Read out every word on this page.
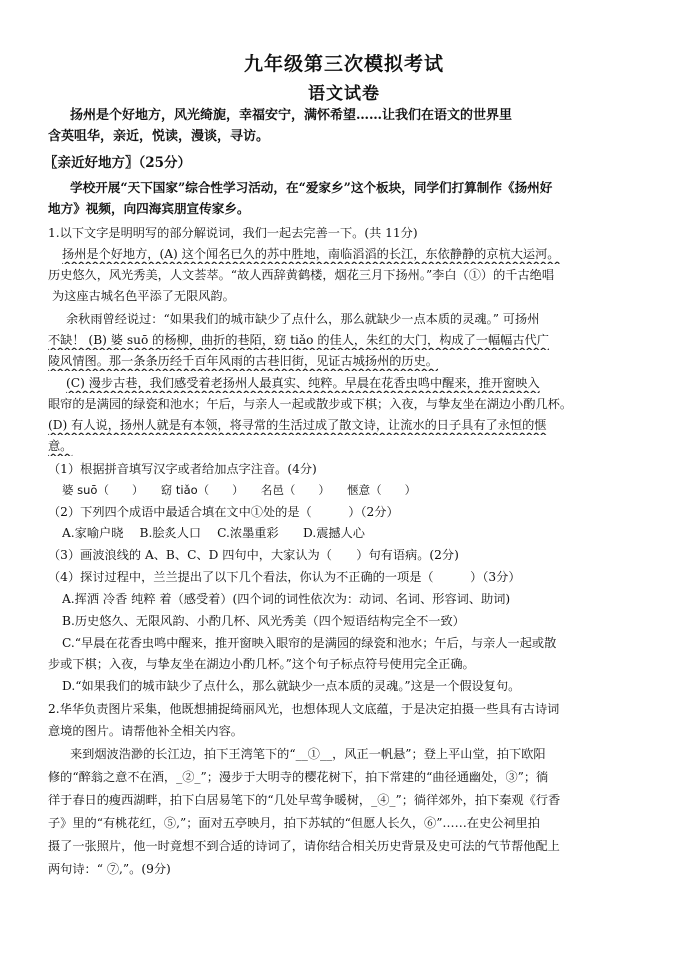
九年级第三次模拟考试
语文试卷
扬州是个好地方，风光绮旎，幸福安宁，满怀希望……让我们在语文的世界里
含英咀华，亲近，悦读，漫谈，寻访。
〖亲近好地方〗（25分）
学校开展“天下国家”综合性学习活动，在“爱家乡”这个板块，同学们打算制作《扬州好
地方》视频，向四海宾朋宣传家乡。
1.以下文字是明明写的部分解说词，我们一起去完善一下。(共 11分)
扬州是个好地方，(A) 这个闻名已久的苏中胜地，南临滔滔的长江，东依静静的京杭大运河。
历史悠久，风光秀美，人文荟萃。“故人西辞黄鹤楼，烟花三月下扬州。”李白（①）的千古绝唱
为这座古城名色平添了无限风韵。
余秋雨曾经说过：“如果我们的城市缺少了点什么，那么就缺少一点本质的灵魂。” 可扬州
不缺！ (B) 婆 suō 的杨柳，曲折的巷陌，窈 tiǎo 的佳人，朱红的大门，构成了一幅幅古代广
陵风情图。那一条条历经千百年风雨的古巷旧街，见证古城扬州的历史。
(C) 漫步古巷，我们感受着老扬州人最真实、纯粹。早晨在花香虫鸣中醒来，推开窗映入
眼帘的是满园的绿瓷和池水；午后，与亲人一起或散步或下棋；入夜，与挚友坐在湖边小酌几杯。
(D) 有人说，扬州人就是有本领，将寻常的生活过成了散文诗，让流水的日子具有了永恒的惬
意。
（1）根据拼音填写汉字或者给加点字注音。(4分)
婆 suō（　　）　　窈 tiǎo（　　）　　名邑（　　）　　惬意（　　）
（2）下列四个成语中最适合填在文中①处的是（　　　）（2分）
A.家喻户晓　 B.脍炙人口　 C.浓墨重彩　　D.震撼人心
（3）画波浪线的 A、B、C、D 四句中，大家认为（　　）句有语病。(2分)
（4）探讨过程中，兰兰提出了以下几个看法，你认为不正确的一项是（　　　）（3分）
A.挥洒 冷香 纯粹 着（感受着）(四个词的词性依次为：动词、名词、形容词、助词)
B.历史悠久、无限风韵、小酌几杯、风光秀美（四个短语结构完全不一致）
C.“早晨在花香虫鸣中醒来，推开窗映入眼帘的是满园的绿瓷和池水；午后，与亲人一起或散
步或下棋；入夜，与挚友坐在湖边小酌几杯。”这个句子标点符号使用完全正确。
D.“如果我们的城市缺少了点什么，那么就缺少一点本质的灵魂。”这是一个假设复句。
2.华华负责图片采集，他既想捕捉绮丽风光，也想体现人文底蕴，于是决定拍摄一些具有古诗词
意境的图片。请帮他补全相关内容。
来到烟波浩渺的长江边，拍下王湾笔下的“__①__，风正一帆悬”；登上平山堂，拍下欧阳
修的“醉翁之意不在酒，_②_”；漫步于大明寺的樱花树下，拍下常建的“曲径通幽处，③”；徜
徉于春日的瘦西湖畔，拍下白居易笔下的“几处早莺争暖树，_④_”；徜徉郊外，拍下秦观《行香
子》里的“有桃花红，⑤,”；面对五亭映月，拍下苏轼的“但愿人长久，⑥”……在史公祠里拍
摄了一张照片，他一时竟想不到合适的诗词了，请你结合相关历史背景及史可法的气节帮他配上
两句诗：“ ⑦,”。(9分)
